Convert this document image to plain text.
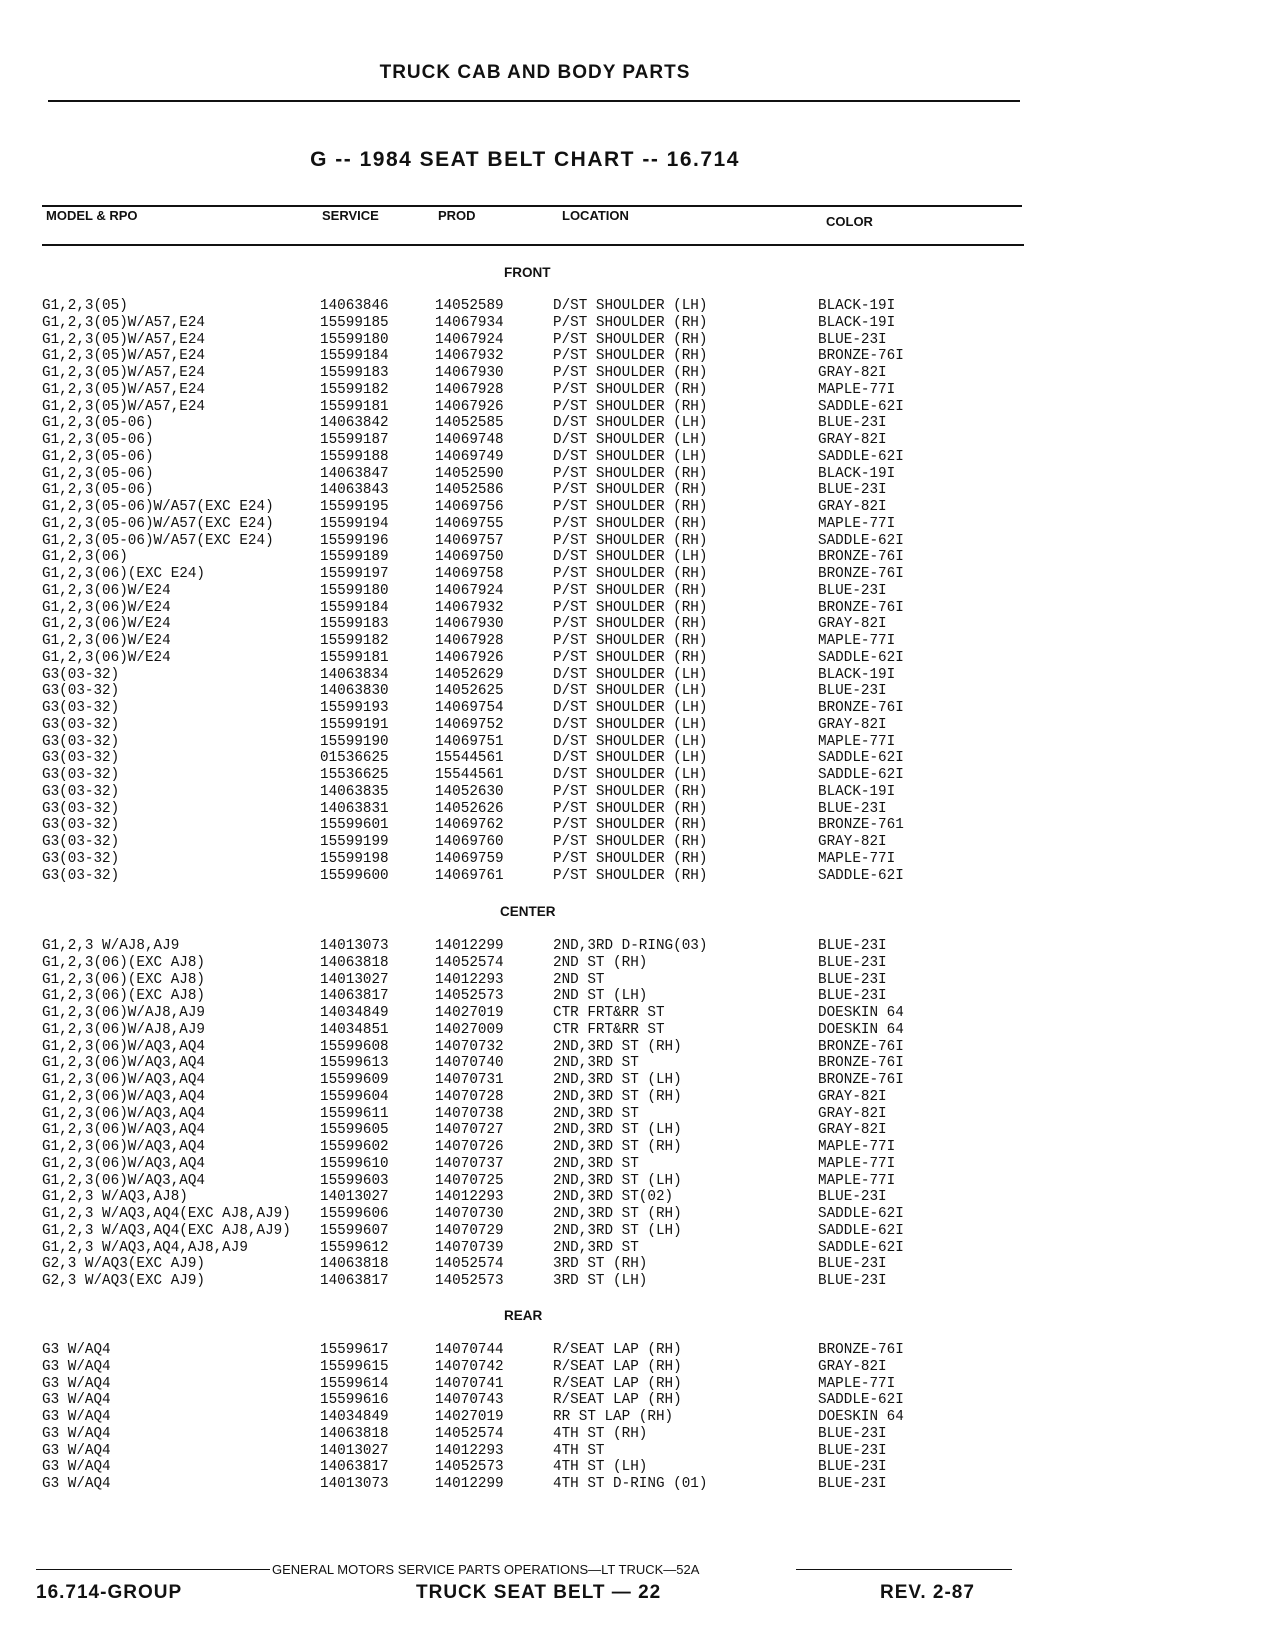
TRUCK CAB AND BODY PARTS
G -- 1984 SEAT BELT CHART -- 16.714
MODEL & RPO	SERVICE	PROD	LOCATION	COLOR
FRONT
G1,2,3(05)	14063846	14052589	D/ST SHOULDER (LH)	BLACK-19I
G1,2,3(05)W/A57,E24	15599185	14067934	P/ST SHOULDER (RH)	BLACK-19I
G1,2,3(05)W/A57,E24	15599180	14067924	P/ST SHOULDER (RH)	BLUE-23I
G1,2,3(05)W/A57,E24	15599184	14067932	P/ST SHOULDER (RH)	BRONZE-76I
G1,2,3(05)W/A57,E24	15599183	14067930	P/ST SHOULDER (RH)	GRAY-82I
G1,2,3(05)W/A57,E24	15599182	14067928	P/ST SHOULDER (RH)	MAPLE-77I
G1,2,3(05)W/A57,E24	15599181	14067926	P/ST SHOULDER (RH)	SADDLE-62I
G1,2,3(05-06)	14063842	14052585	D/ST SHOULDER (LH)	BLUE-23I
G1,2,3(05-06)	15599187	14069748	D/ST SHOULDER (LH)	GRAY-82I
G1,2,3(05-06)	15599188	14069749	D/ST SHOULDER (LH)	SADDLE-62I
G1,2,3(05-06)	14063847	14052590	P/ST SHOULDER (RH)	BLACK-19I
G1,2,3(05-06)	14063843	14052586	P/ST SHOULDER (RH)	BLUE-23I
G1,2,3(05-06)W/A57(EXC E24)	15599195	14069756	P/ST SHOULDER (RH)	GRAY-82I
G1,2,3(05-06)W/A57(EXC E24)	15599194	14069755	P/ST SHOULDER (RH)	MAPLE-77I
G1,2,3(05-06)W/A57(EXC E24)	15599196	14069757	P/ST SHOULDER (RH)	SADDLE-62I
G1,2,3(06)	15599189	14069750	D/ST SHOULDER (LH)	BRONZE-76I
G1,2,3(06)(EXC E24)	15599197	14069758	P/ST SHOULDER (RH)	BRONZE-76I
G1,2,3(06)W/E24	15599180	14067924	P/ST SHOULDER (RH)	BLUE-23I
G1,2,3(06)W/E24	15599184	14067932	P/ST SHOULDER (RH)	BRONZE-76I
G1,2,3(06)W/E24	15599183	14067930	P/ST SHOULDER (RH)	GRAY-82I
G1,2,3(06)W/E24	15599182	14067928	P/ST SHOULDER (RH)	MAPLE-77I
G1,2,3(06)W/E24	15599181	14067926	P/ST SHOULDER (RH)	SADDLE-62I
G3(03-32)	14063834	14052629	D/ST SHOULDER (LH)	BLACK-19I
G3(03-32)	14063830	14052625	D/ST SHOULDER (LH)	BLUE-23I
G3(03-32)	15599193	14069754	D/ST SHOULDER (LH)	BRONZE-76I
G3(03-32)	15599191	14069752	D/ST SHOULDER (LH)	GRAY-82I
G3(03-32)	15599190	14069751	D/ST SHOULDER (LH)	MAPLE-77I
G3(03-32)	01536625	15544561	D/ST SHOULDER (LH)	SADDLE-62I
G3(03-32)	15536625	15544561	D/ST SHOULDER (LH)	SADDLE-62I
G3(03-32)	14063835	14052630	P/ST SHOULDER (RH)	BLACK-19I
G3(03-32)	14063831	14052626	P/ST SHOULDER (RH)	BLUE-23I
G3(03-32)	15599601	14069762	P/ST SHOULDER (RH)	BRONZE-761
G3(03-32)	15599199	14069760	P/ST SHOULDER (RH)	GRAY-82I
G3(03-32)	15599198	14069759	P/ST SHOULDER (RH)	MAPLE-77I
G3(03-32)	15599600	14069761	P/ST SHOULDER (RH)	SADDLE-62I
CENTER
G1,2,3 W/AJ8,AJ9	14013073	14012299	2ND,3RD D-RING(03)	BLUE-23I
G1,2,3(06)(EXC AJ8)	14063818	14052574	2ND ST (RH)	BLUE-23I
G1,2,3(06)(EXC AJ8)	14013027	14012293	2ND ST	BLUE-23I
G1,2,3(06)(EXC AJ8)	14063817	14052573	2ND ST (LH)	BLUE-23I
G1,2,3(06)W/AJ8,AJ9	14034849	14027019	CTR FRT&RR ST	DOESKIN 64
G1,2,3(06)W/AJ8,AJ9	14034851	14027009	CTR FRT&RR ST	DOESKIN 64
G1,2,3(06)W/AQ3,AQ4	15599608	14070732	2ND,3RD ST (RH)	BRONZE-76I
G1,2,3(06)W/AQ3,AQ4	15599613	14070740	2ND,3RD ST	BRONZE-76I
G1,2,3(06)W/AQ3,AQ4	15599609	14070731	2ND,3RD ST (LH)	BRONZE-76I
G1,2,3(06)W/AQ3,AQ4	15599604	14070728	2ND,3RD ST (RH)	GRAY-82I
G1,2,3(06)W/AQ3,AQ4	15599611	14070738	2ND,3RD ST	GRAY-82I
G1,2,3(06)W/AQ3,AQ4	15599605	14070727	2ND,3RD ST (LH)	GRAY-82I
G1,2,3(06)W/AQ3,AQ4	15599602	14070726	2ND,3RD ST (RH)	MAPLE-77I
G1,2,3(06)W/AQ3,AQ4	15599610	14070737	2ND,3RD ST	MAPLE-77I
G1,2,3(06)W/AQ3,AQ4	15599603	14070725	2ND,3RD ST (LH)	MAPLE-77I
G1,2,3 W/AQ3,AJ8)	14013027	14012293	2ND,3RD ST(02)	BLUE-23I
G1,2,3 W/AQ3,AQ4(EXC AJ8,AJ9) 15599606	14070730	2ND,3RD ST (RH)	SADDLE-62I
G1,2,3 W/AQ3,AQ4(EXC AJ8,AJ9) 15599607	14070729	2ND,3RD ST (LH)	SADDLE-62I
G1,2,3 W/AQ3,AQ4,AJ8,AJ9	15599612	14070739	2ND,3RD ST	SADDLE-62I
G2,3 W/AQ3(EXC AJ9)	14063818	14052574	3RD ST (RH)	BLUE-23I
G2,3 W/AQ3(EXC AJ9)	14063817	14052573	3RD ST (LH)	BLUE-23I
REAR
G3 W/AQ4	15599617	14070744	R/SEAT LAP (RH)	BRONZE-76I
G3 W/AQ4	15599615	14070742	R/SEAT LAP (RH)	GRAY-82I
G3 W/AQ4	15599614	14070741	R/SEAT LAP (RH)	MAPLE-77I
G3 W/AQ4	15599616	14070743	R/SEAT LAP (RH)	SADDLE-62I
G3 W/AQ4	14034849	14027019	RR ST LAP (RH)	DOESKIN 64
G3 W/AQ4	14063818	14052574	4TH ST (RH)	BLUE-23I
G3 W/AQ4	14013027	14012293	4TH ST	BLUE-23I
G3 W/AQ4	14063817	14052573	4TH ST (LH)	BLUE-23I
G3 W/AQ4	14013073	14012299	4TH ST D-RING (01)	BLUE-23I
GENERAL MOTORS SERVICE PARTS OPERATIONS—LT TRUCK—52A
16.714-GROUP	TRUCK SEAT BELT — 22	REV. 2-87
